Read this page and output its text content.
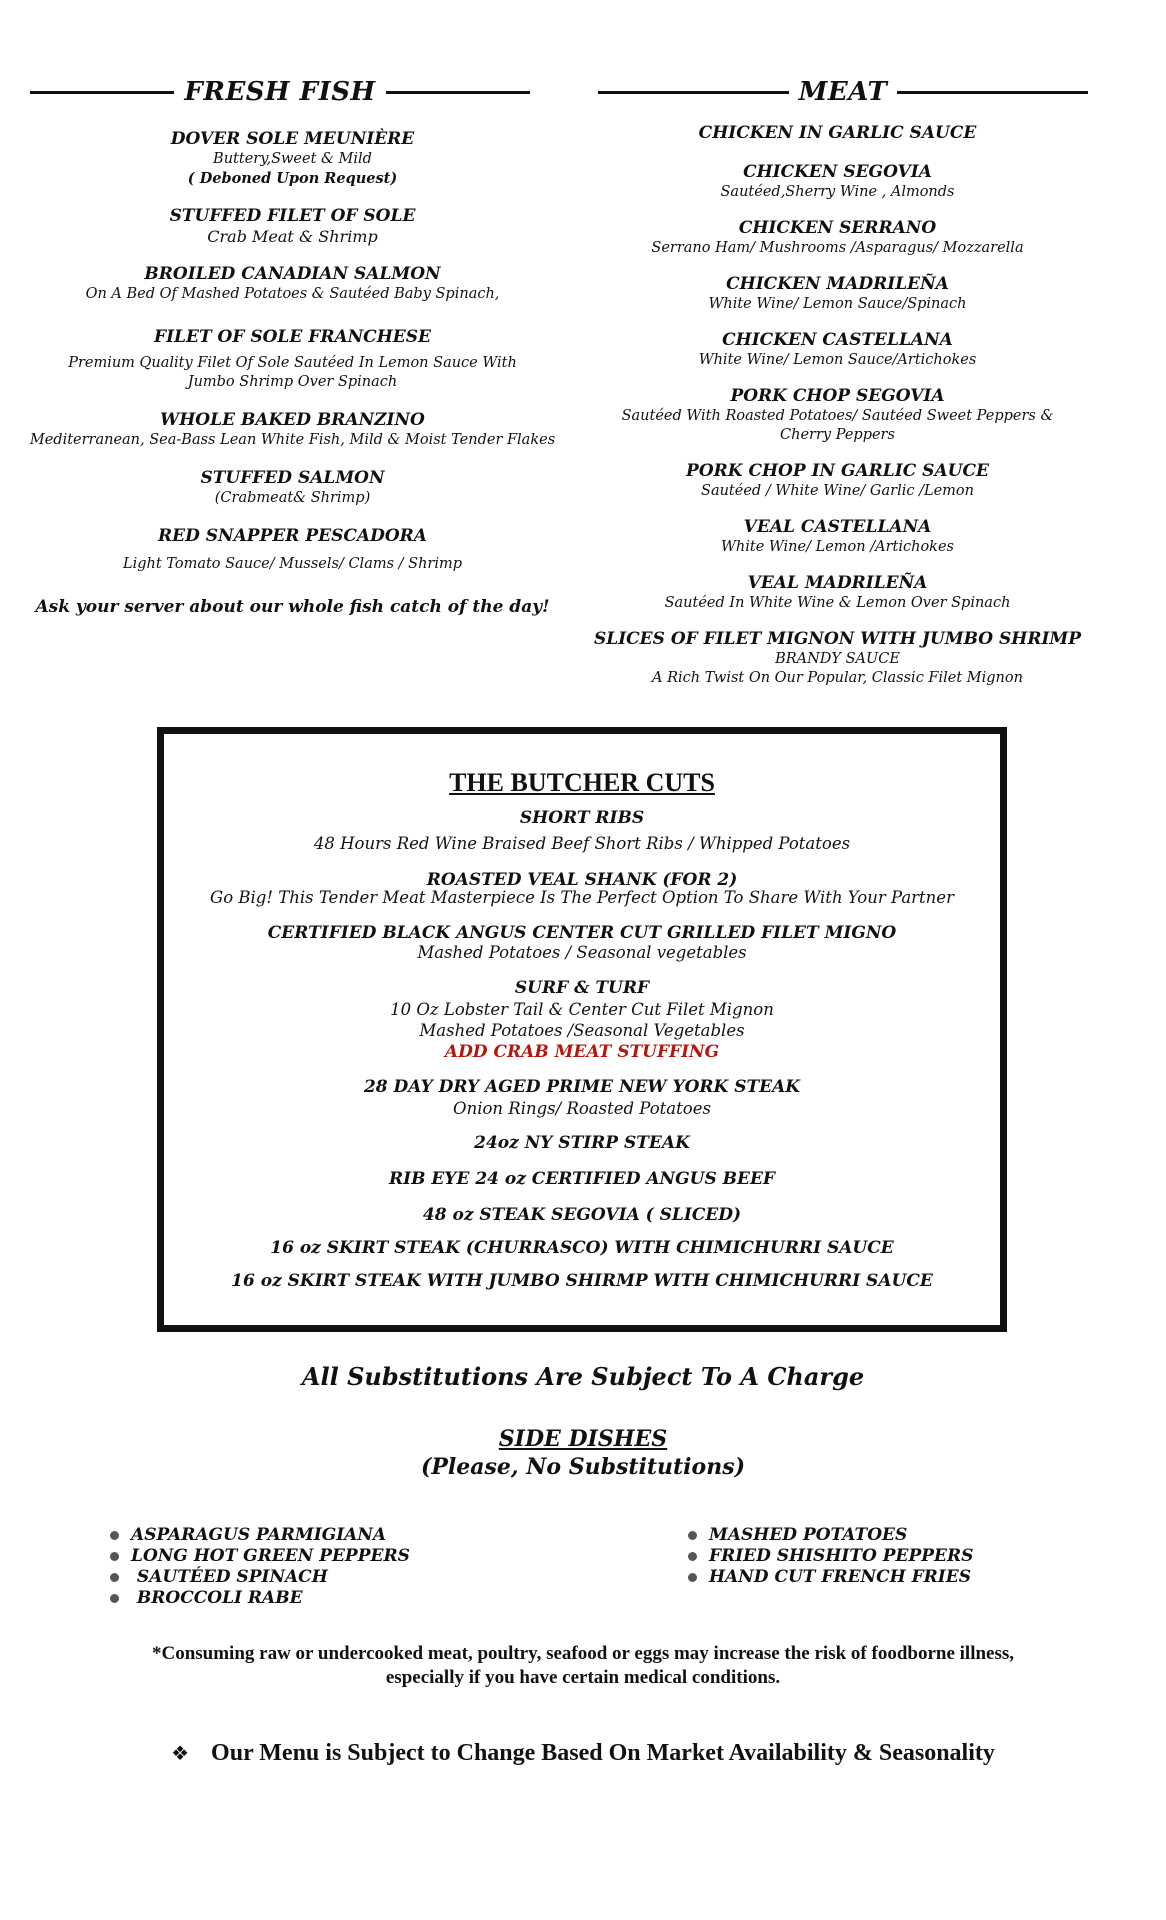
FRESH FISH	MEAT
DOVER SOLE MEUNIÈRE
Buttery,Sweet & Mild
( Deboned Upon Request)
STUFFED FILET OF SOLE
Crab Meat & Shrimp
BROILED CANADIAN SALMON
On A Bed Of Mashed Potatoes & Sautéed Baby Spinach,
FILET OF SOLE FRANCHESE
Premium Quality Filet Of Sole Sautéed In Lemon Sauce With Jumbo Shrimp Over Spinach
WHOLE BAKED BRANZINO
Mediterranean, Sea-Bass Lean White Fish, Mild & Moist Tender Flakes
STUFFED SALMON
(Crabmeat& Shrimp)
RED SNAPPER PESCADORA
Light Tomato Sauce/ Mussels/ Clams / Shrimp
Ask your server about our whole fish catch of the day!
CHICKEN IN GARLIC SAUCE
CHICKEN SEGOVIA
Sautéed,Sherry Wine , Almonds
CHICKEN SERRANO
Serrano Ham/ Mushrooms /Asparagus/ Mozzarella
CHICKEN MADRILEÑA
White Wine/ Lemon Sauce/Spinach
CHICKEN CASTELLANA
White Wine/ Lemon Sauce/Artichokes
PORK CHOP SEGOVIA
Sautéed With Roasted Potatoes/ Sautéed Sweet Peppers & Cherry Peppers
PORK CHOP IN GARLIC SAUCE
Sautéed / White Wine/ Garlic /Lemon
VEAL CASTELLANA
White Wine/ Lemon /Artichokes
VEAL MADRILEÑA
Sautéed In White Wine & Lemon Over Spinach
SLICES OF FILET MIGNON WITH JUMBO SHRIMP
BRANDY SAUCE
A Rich Twist On Our Popular, Classic Filet Mignon
THE BUTCHER CUTS
SHORT RIBS
48 Hours Red Wine Braised Beef Short Ribs / Whipped Potatoes
ROASTED VEAL SHANK (FOR 2)
Go Big! This Tender Meat Masterpiece Is The Perfect Option To Share With Your Partner
CERTIFIED BLACK ANGUS CENTER CUT GRILLED FILET MIGNO
Mashed Potatoes / Seasonal vegetables
SURF & TURF
10 Oz Lobster Tail & Center Cut Filet Mignon
Mashed Potatoes /Seasonal Vegetables
ADD CRAB MEAT STUFFING
28 DAY DRY AGED PRIME NEW YORK STEAK
Onion Rings/ Roasted Potatoes
24oz NY STIRP STEAK
RIB EYE 24 oz CERTIFIED ANGUS BEEF
48 oz STEAK SEGOVIA ( SLICED)
16 oz SKIRT STEAK (CHURRASCO) WITH CHIMICHURRI SAUCE
16 oz SKIRT STEAK WITH JUMBO SHIRMP WITH CHIMICHURRI SAUCE
All Substitutions Are Subject To A Charge
SIDE DISHES
(Please, No Substitutions)
ASPARAGUS PARMIGIANA
LONG HOT GREEN PEPPERS
SAUTÉED SPINACH
BROCCOLI RABE
MASHED POTATOES
FRIED SHISHITO PEPPERS
HAND CUT FRENCH FRIES
*Consuming raw or undercooked meat, poultry, seafood or eggs may increase the risk of foodborne illness,
especially if you have certain medical conditions.
❖ Our Menu is Subject to Change Based On Market Availability & Seasonality
